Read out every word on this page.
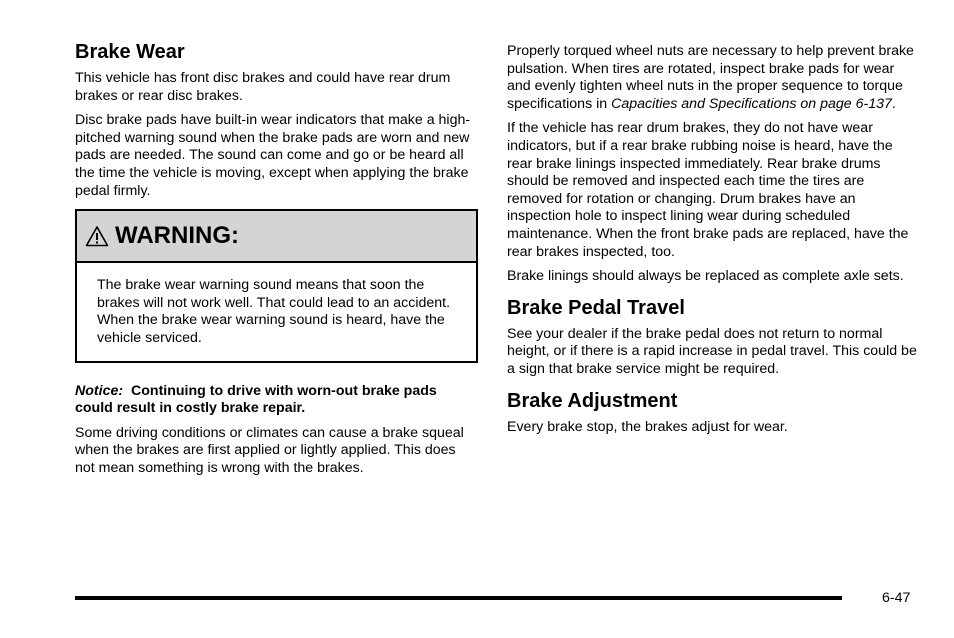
Brake Wear

This vehicle has front disc brakes and could have rear drum brakes or rear disc brakes.

Disc brake pads have built-in wear indicators that make a high-pitched warning sound when the brake pads are worn and new pads are needed. The sound can come and go or be heard all the time the vehicle is moving, except when applying the brake pedal firmly.

WARNING:

The brake wear warning sound means that soon the brakes will not work well. That could lead to an accident. When the brake wear warning sound is heard, have the vehicle serviced.

Notice: Continuing to drive with worn-out brake pads could result in costly brake repair.

Some driving conditions or climates can cause a brake squeal when the brakes are first applied or lightly applied. This does not mean something is wrong with the brakes.

Properly torqued wheel nuts are necessary to help prevent brake pulsation. When tires are rotated, inspect brake pads for wear and evenly tighten wheel nuts in the proper sequence to torque specifications in Capacities and Specifications on page 6-137.

If the vehicle has rear drum brakes, they do not have wear indicators, but if a rear brake rubbing noise is heard, have the rear brake linings inspected immediately. Rear brake drums should be removed and inspected each time the tires are removed for rotation or changing. Drum brakes have an inspection hole to inspect lining wear during scheduled maintenance. When the front brake pads are replaced, have the rear brakes inspected, too.

Brake linings should always be replaced as complete axle sets.

Brake Pedal Travel

See your dealer if the brake pedal does not return to normal height, or if there is a rapid increase in pedal travel. This could be a sign that brake service might be required.

Brake Adjustment

Every brake stop, the brakes adjust for wear.

6-47
